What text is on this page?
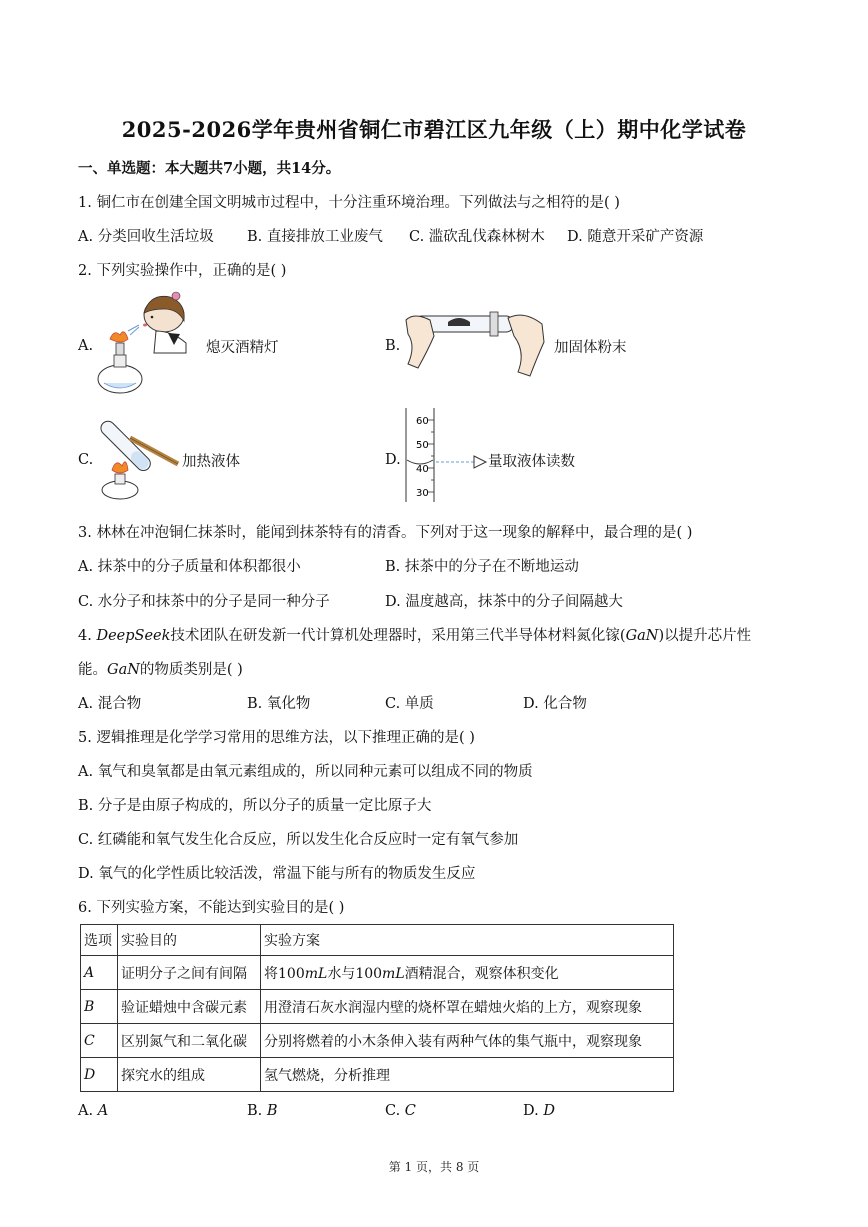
2025-2026学年贵州省铜仁市碧江区九年级（上）期中化学试卷
一、单选题：本大题共7小题，共14分。
1. 铜仁市在创建全国文明城市过程中，十分注重环境治理。下列做法与之相符的是( )
A. 分类回收生活垃圾 B. 直接排放工业废气 C. 滥砍乱伐森林树木 D. 随意开采矿产资源
2. 下列实验操作中，正确的是( )
A.	熄灭酒精灯	B.	加固体粉末
C.	加热液体	D.
60
50
40
30
量取液体读数
3. 林林在冲泡铜仁抹茶时，能闻到抹茶特有的清香。下列对于这一现象的解释中，最合理的是( )
A. 抹茶中的分子质量和体积都很小	B. 抹茶中的分子在不断地运动
C. 水分子和抹茶中的分子是同一种分子	D. 温度越高，抹茶中的分子间隔越大
4. DeepSeek技术团队在研发新一代计算机处理器时，采用第三代半导体材料氮化镓(GaN)以提升芯片性
能。GaN的物质类别是( )
A. 混合物	B. 氧化物	C. 单质	D. 化合物
5. 逻辑推理是化学学习常用的思维方法，以下推理正确的是( )
A. 氧气和臭氧都是由氧元素组成的，所以同种元素可以组成不同的物质
B. 分子是由原子构成的，所以分子的质量一定比原子大
C. 红磷能和氧气发生化合反应，所以发生化合反应时一定有氧气参加
D. 氧气的化学性质比较活泼，常温下能与所有的物质发生反应
6. 下列实验方案，不能达到实验目的是( )
选项	实验目的	实验方案
A	证明分子之间有间隔	将100mL水与100mL酒精混合，观察体积变化
B	验证蜡烛中含碳元素	用澄清石灰水润湿内壁的烧杯罩在蜡烛火焰的上方，观察现象
C	区别氮气和二氧化碳	分别将燃着的小木条伸入装有两种气体的集气瓶中，观察现象
D	探究水的组成	氢气燃烧，分析推理
A. A	B. B	C. C	D. D
第 1 页，共 8 页
